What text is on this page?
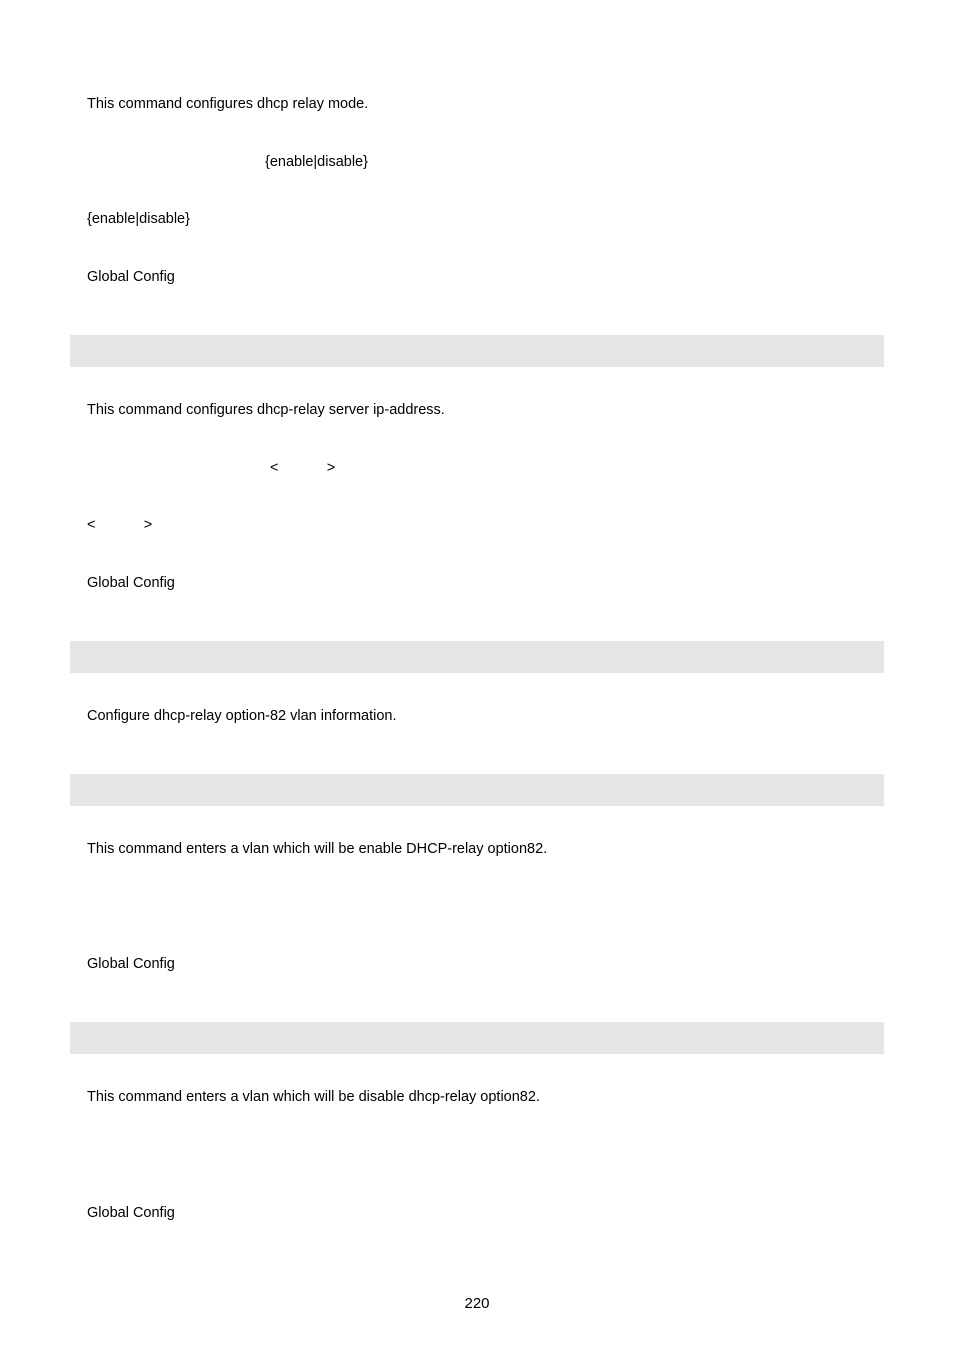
This command configures dhcp relay mode.
{enable|disable}
{enable|disable}
Global Config
This command configures dhcp-relay server ip-address.
<            >
<            >
Global Config
Configure dhcp-relay option-82 vlan information.
This command enters a vlan which will be enable DHCP-relay option82.
Global Config
This command enters a vlan which will be disable dhcp-relay option82.
Global Config
220
